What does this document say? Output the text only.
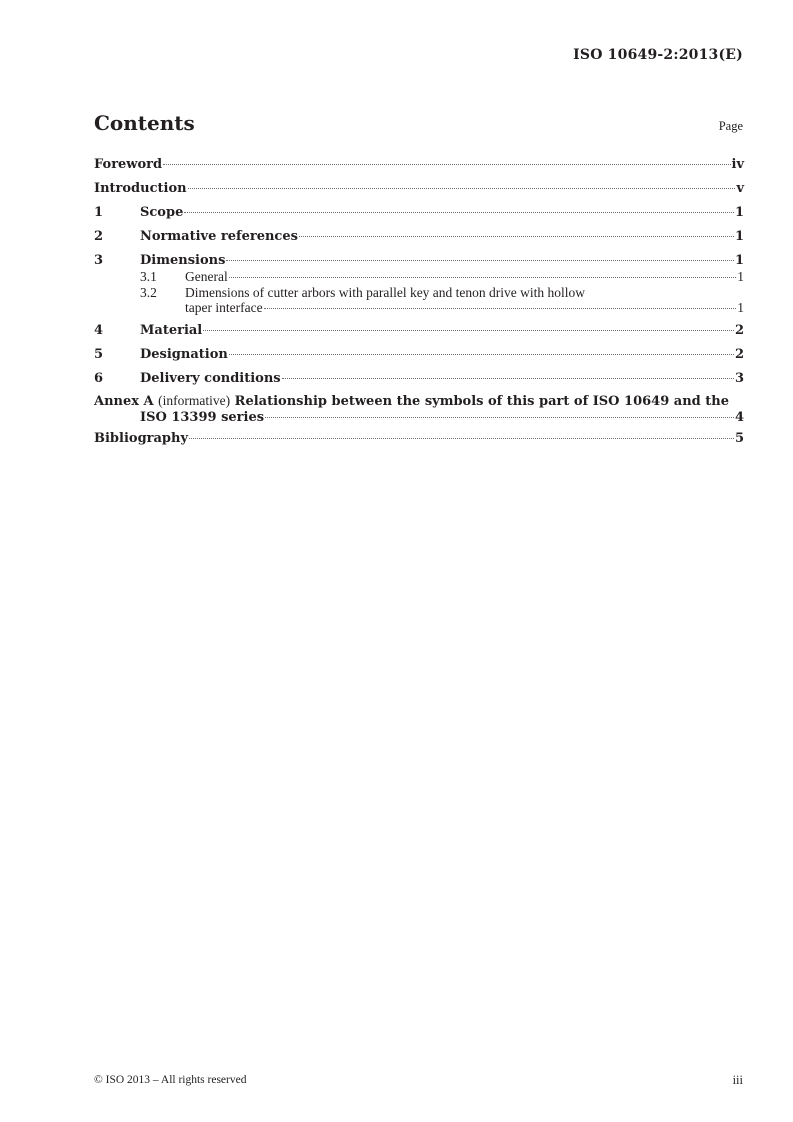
ISO 10649-2:2013(E)
Contents	Page
Foreword	iv
Introduction	v
1	Scope	1
2	Normative references	1
3	Dimensions	1
3.1	General	1
3.2	Dimensions of cutter arbors with parallel key and tenon drive with hollow
taper interface	1
4	Material	2
5	Designation	2
6	Delivery conditions	3
Annex A (informative) Relationship between the symbols of this part of ISO 10649 and the
ISO 13399 series	4
Bibliography	5
© ISO 2013 – All rights reserved	iii
